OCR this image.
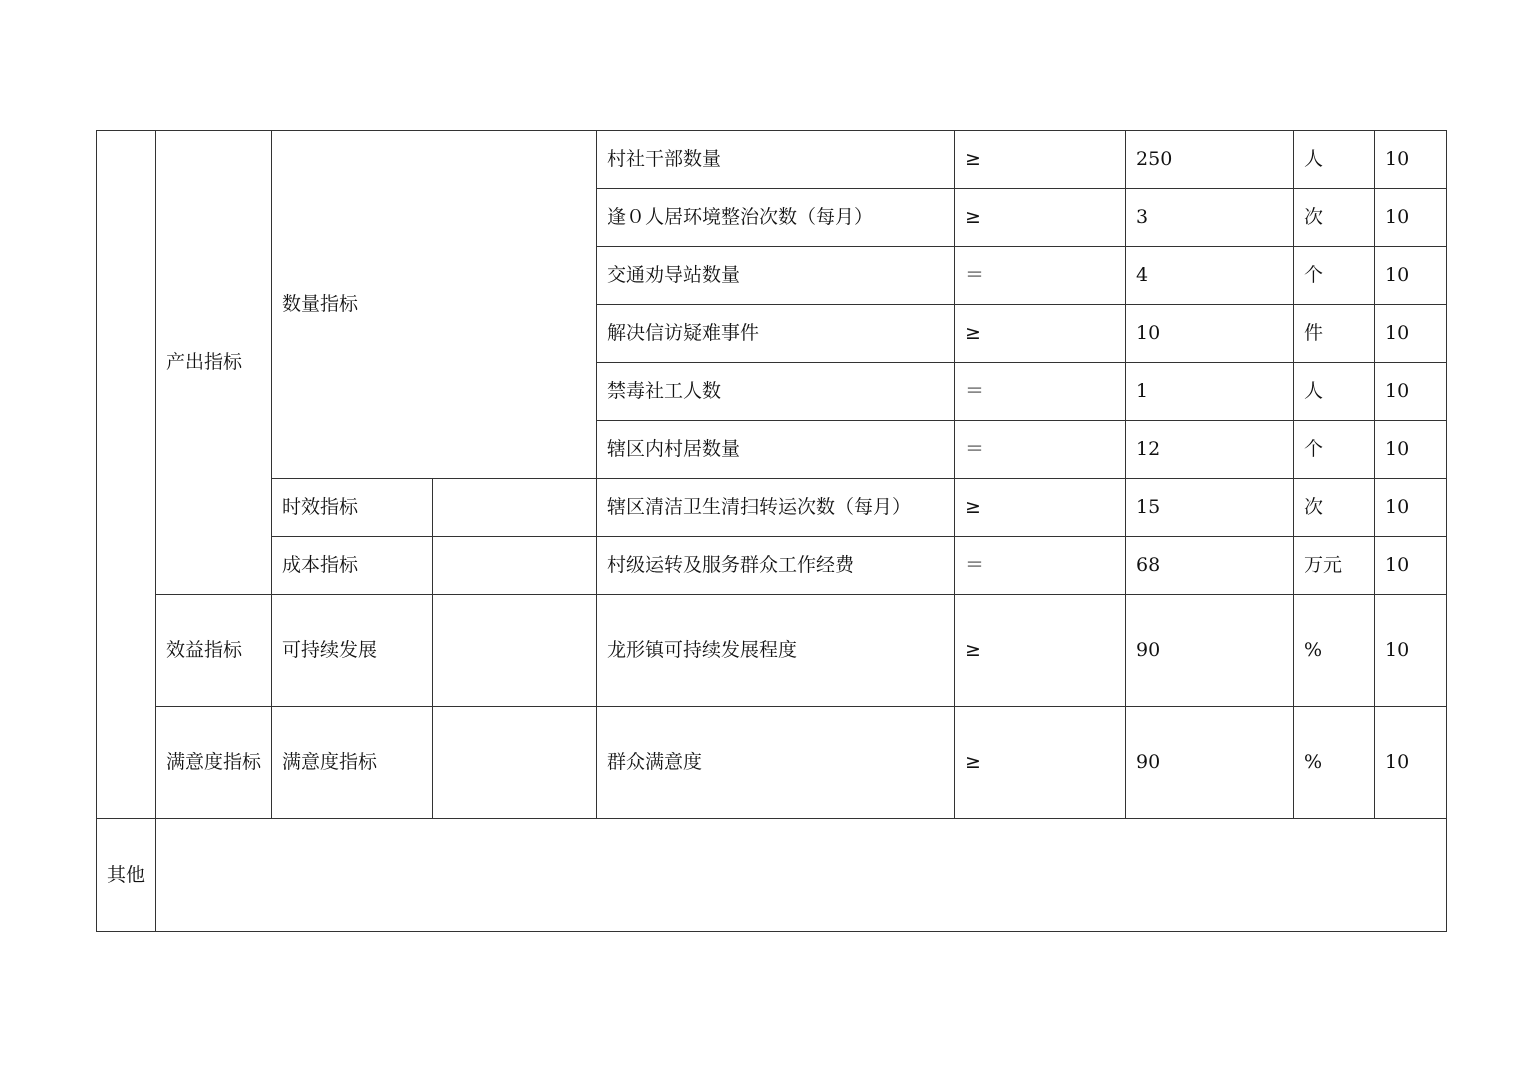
	产出指标	数量指标		村社干部数量	≥	250	人	10
				逢０人居环境整治次数（每月）	≥	3	次	10
				交通劝导站数量	＝	4	个	10
				解决信访疑难事件	≥	10	件	10
				禁毒社工人数	＝	1	人	10
				辖区内村居数量	＝	12	个	10
		时效指标		辖区清洁卫生清扫转运次数（每月）	≥	15	次	10
		成本指标		村级运转及服务群众工作经费	＝	68	万元	10
	效益指标	可持续发展		龙形镇可持续发展程度	≥	90	%	10
	满意度指标	满意度指标		群众满意度	≥	90	%	10
其他								
